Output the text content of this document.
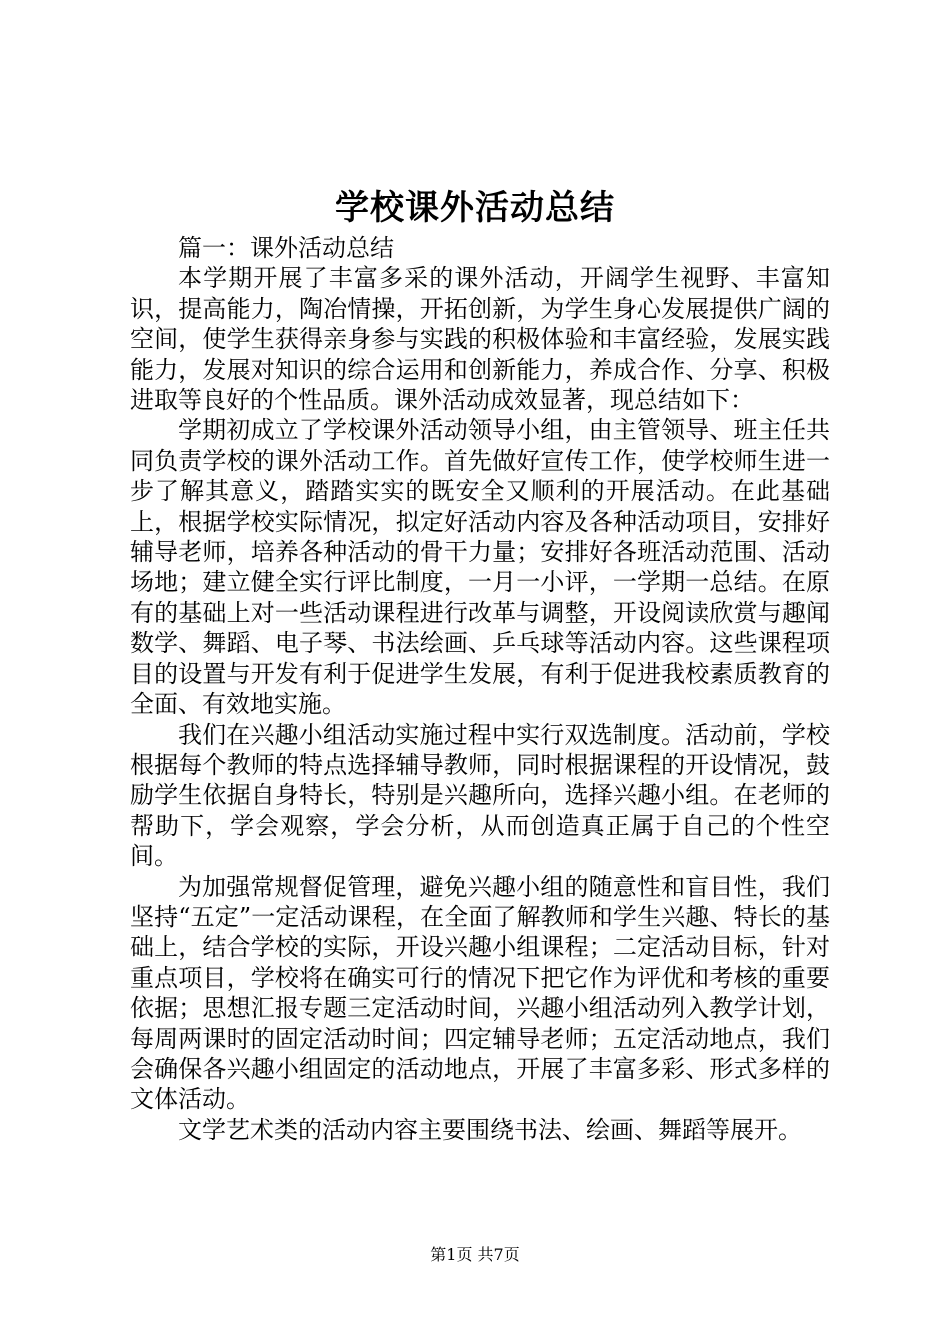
学校课外活动总结

篇一：课外活动总结

本学期开展了丰富多采的课外活动，开阔学生视野、丰富知识，提高能力，陶冶情操，开拓创新，为学生身心发展提供广阔的空间，使学生获得亲身参与实践的积极体验和丰富经验，发展实践能力，发展对知识的综合运用和创新能力，养成合作、分享、积极进取等良好的个性品质。课外活动成效显著，现总结如下：

学期初成立了学校课外活动领导小组，由主管领导、班主任共同负责学校的课外活动工作。首先做好宣传工作，使学校师生进一步了解其意义，踏踏实实的既安全又顺利的开展活动。在此基础上，根据学校实际情况，拟定好活动内容及各种活动项目，安排好辅导老师，培养各种活动的骨干力量；安排好各班活动范围、活动场地；建立健全实行评比制度，一月一小评，一学期一总结。在原有的基础上对一些活动课程进行改革与调整，开设阅读欣赏与趣闻数学、舞蹈、电子琴、书法绘画、乒乓球等活动内容。这些课程项目的设置与开发有利于促进学生发展，有利于促进我校素质教育的全面、有效地实施。

我们在兴趣小组活动实施过程中实行双选制度。活动前，学校根据每个教师的特点选择辅导教师，同时根据课程的开设情况，鼓励学生依据自身特长，特别是兴趣所向，选择兴趣小组。在老师的帮助下，学会观察，学会分析，从而创造真正属于自己的个性空间。

为加强常规督促管理，避免兴趣小组的随意性和盲目性，我们坚持“五定”一定活动课程，在全面了解教师和学生兴趣、特长的基础上，结合学校的实际，开设兴趣小组课程；二定活动目标，针对重点项目，学校将在确实可行的情况下把它作为评优和考核的重要依据；思想汇报专题三定活动时间，兴趣小组活动列入教学计划，每周两课时的固定活动时间；四定辅导老师；五定活动地点，我们会确保各兴趣小组固定的活动地点，开展了丰富多彩、形式多样的文体活动。

文学艺术类的活动内容主要围绕书法、绘画、舞蹈等展开。

第1页 共7页
